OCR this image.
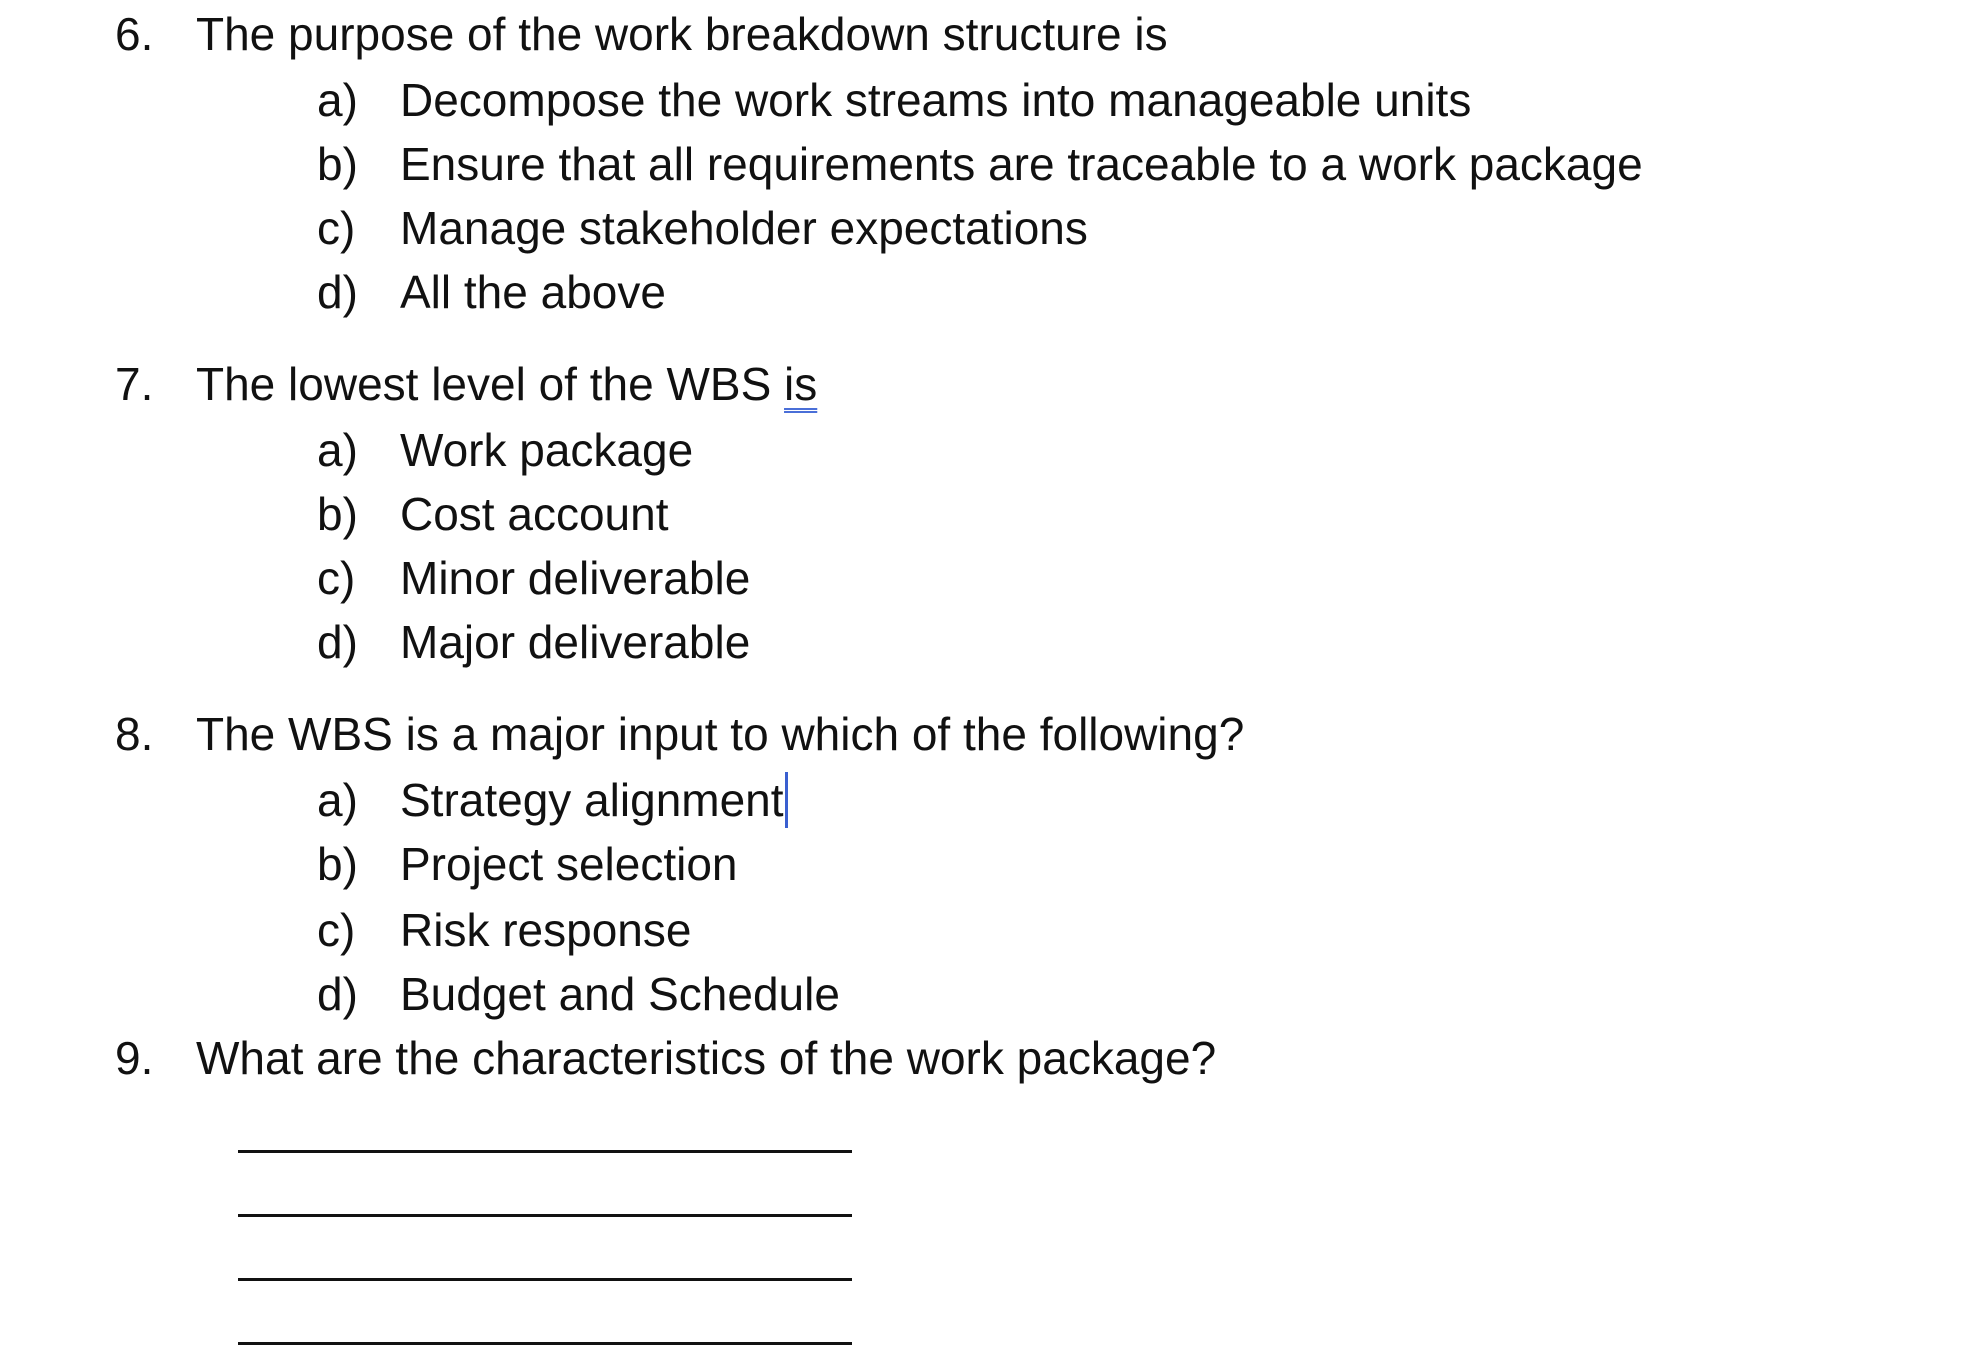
6. The purpose of the work breakdown structure is
a) Decompose the work streams into manageable units
b) Ensure that all requirements are traceable to a work package
c) Manage stakeholder expectations
d) All the above
7. The lowest level of the WBS is
a) Work package
b) Cost account
c) Minor deliverable
d) Major deliverable
8. The WBS is a major input to which of the following?
a) Strategy alignment
b) Project selection
c) Risk response
d) Budget and Schedule
9. What are the characteristics of the work package?
